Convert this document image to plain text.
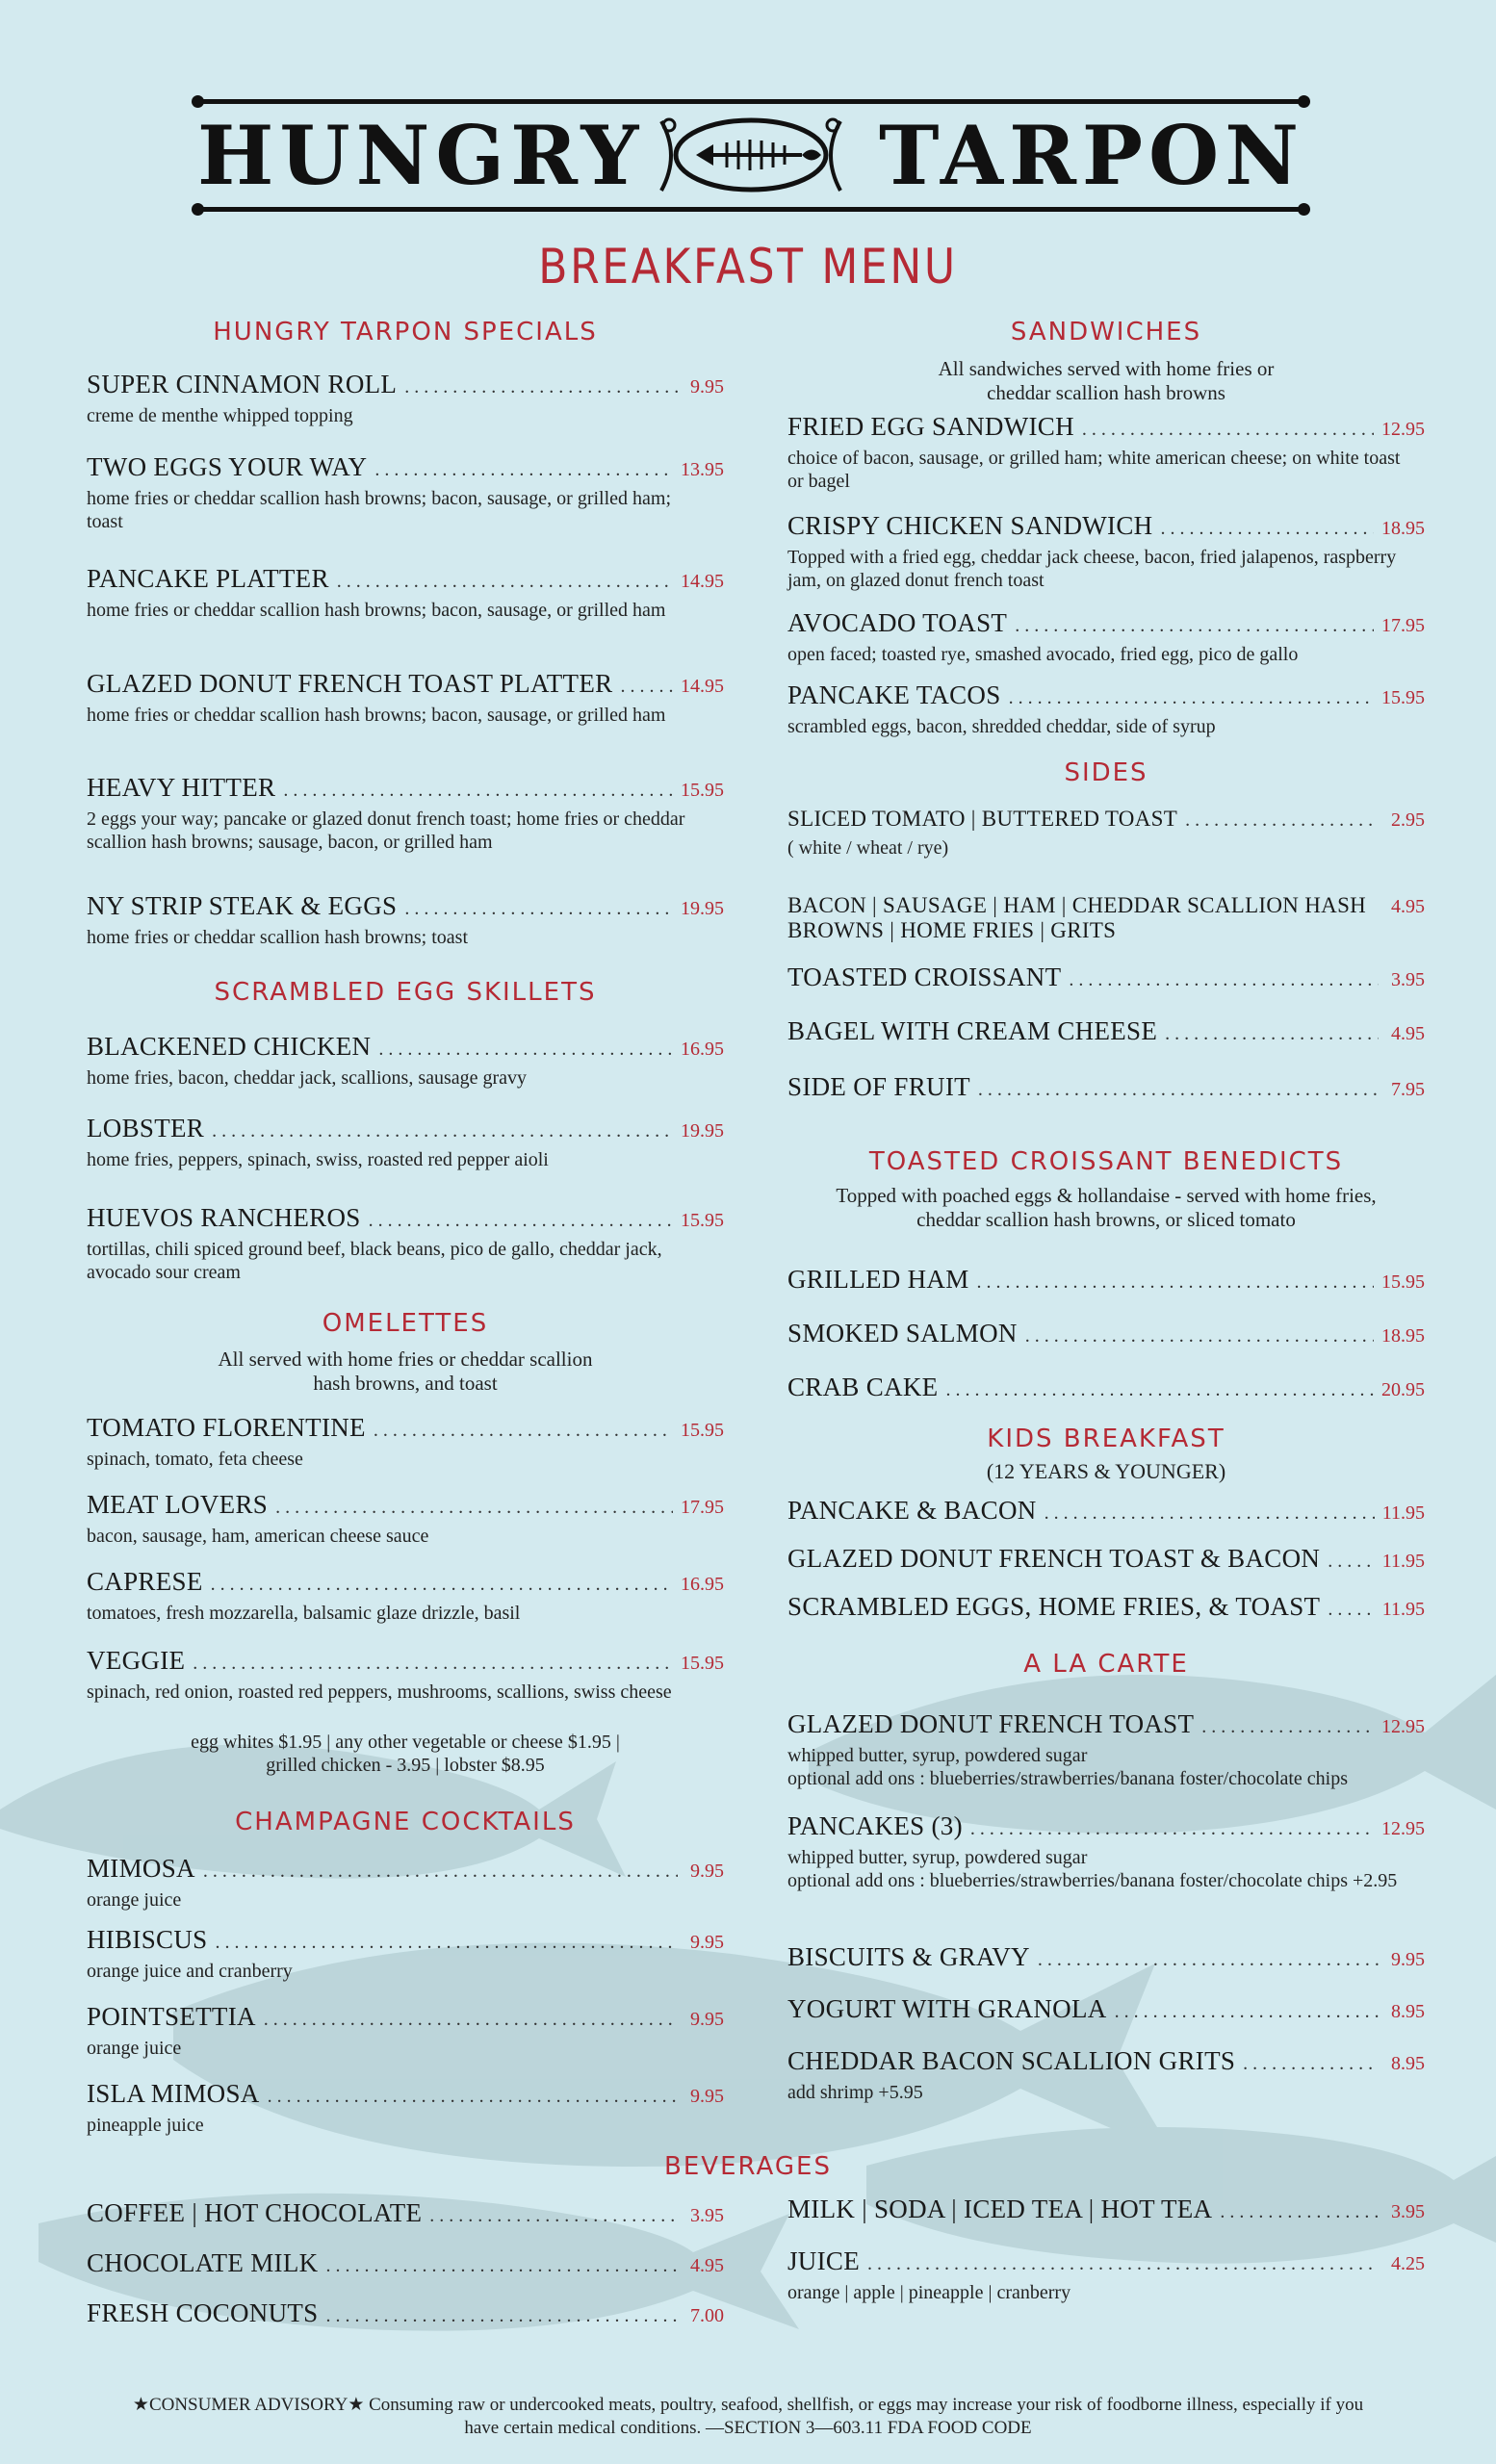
HUNGRY	TARPON
BREAKFAST MENU
HUNGRY TARPON SPECIALS
SUPER CINNAMON ROLL . . .	9.95
creme de menthe whipped topping
TWO EGGS YOUR WAY . . .	13.95
home fries or cheddar scallion hash browns; bacon, sausage, or grilled ham; toast
PANCAKE PLATTER . . .	14.95
home fries or cheddar scallion hash browns; bacon, sausage, or grilled ham
GLAZED DONUT FRENCH TOAST PLATTER . . .	14.95
home fries or cheddar scallion hash browns; bacon, sausage, or grilled ham
HEAVY HITTER . . .	15.95
2 eggs your way; pancake or glazed donut french toast; home fries or cheddar scallion hash browns; sausage, bacon, or grilled ham
NY STRIP STEAK & EGGS . . .	19.95
home fries or cheddar scallion hash browns; toast
SCRAMBLED EGG SKILLETS
BLACKENED CHICKEN . . .	16.95
home fries, bacon, cheddar jack, scallions, sausage gravy
LOBSTER . . .	19.95
home fries, peppers, spinach, swiss, roasted red pepper aioli
HUEVOS RANCHEROS . . .	15.95
tortillas, chili spiced ground beef, black beans, pico de gallo, cheddar jack, avocado sour cream
OMELETTES
All served with home fries or cheddar scallion
hash browns, and toast
TOMATO FLORENTINE . . .	15.95
spinach, tomato, feta cheese
MEAT LOVERS . . .	17.95
bacon, sausage, ham, american cheese sauce
CAPRESE . . .	16.95
tomatoes, fresh mozzarella, balsamic glaze drizzle, basil
VEGGIE . . .	15.95
spinach, red onion, roasted red peppers, mushrooms, scallions, swiss cheese
egg whites $1.95 | any other vegetable or cheese $1.95 |
grilled chicken - 3.95 | lobster $8.95
CHAMPAGNE COCKTAILS
MIMOSA . . .	9.95
orange juice
HIBISCUS . . .	9.95
orange juice and cranberry
POINTSETTIA . . .	9.95
orange juice
ISLA MIMOSA . . .	9.95
pineapple juice
COFFEE | HOT CHOCOLATE . . .	3.95
CHOCOLATE MILK . . .	4.95
FRESH COCONUTS . . .	7.00
SANDWICHES
All sandwiches served with home fries or
cheddar scallion hash browns
FRIED EGG SANDWICH . . .	12.95
choice of bacon, sausage, or grilled ham; white american cheese; on white toast or bagel
CRISPY CHICKEN SANDWICH . . .	18.95
Topped with a fried egg, cheddar jack cheese, bacon, fried jalapenos, raspberry jam, on glazed donut french toast
AVOCADO TOAST . . .	17.95
open faced; toasted rye, smashed avocado, fried egg, pico de gallo
PANCAKE TACOS . . .	15.95
scrambled eggs, bacon, shredded cheddar, side of syrup
SIDES
SLICED TOMATO | BUTTERED TOAST . . .	2.95
( white / wheat / rye)
BACON | SAUSAGE | HAM | CHEDDAR SCALLION HASH 4.95
BROWNS | HOME FRIES | GRITS
TOASTED CROISSANT . . .	3.95
BAGEL WITH CREAM CHEESE . . .	4.95
SIDE OF FRUIT . . .	7.95
TOASTED CROISSANT BENEDICTS
Topped with poached eggs & hollandaise - served with home fries,
cheddar scallion hash browns, or sliced tomato
GRILLED HAM . . .	15.95
SMOKED SALMON . . .	18.95
CRAB CAKE . . .	20.95
KIDS BREAKFAST
(12 YEARS & YOUNGER)
PANCAKE & BACON . . .	11.95
GLAZED DONUT FRENCH TOAST & BACON . . .	11.95
SCRAMBLED EGGS, HOME FRIES, & TOAST . . .	11.95
A LA CARTE
GLAZED DONUT FRENCH TOAST . . .	12.95
whipped butter, syrup, powdered sugar
optional add ons : blueberries/strawberries/banana foster/chocolate chips
PANCAKES (3) . . .	12.95
whipped butter, syrup, powdered sugar
optional add ons : blueberries/strawberries/banana foster/chocolate chips +2.95
BISCUITS & GRAVY . . .	9.95
YOGURT WITH GRANOLA . . .	8.95
CHEDDAR BACON SCALLION GRITS . . .	8.95
add shrimp +5.95
MILK | SODA | ICED TEA | HOT TEA . . .	3.95
JUICE . . .	4.25
orange | apple | pineapple | cranberry
BEVERAGES
★CONSUMER ADVISORY★ Consuming raw or undercooked meats, poultry, seafood, shellfish, or eggs may increase your risk of foodborne illness, especially if you
have certain medical conditions. —SECTION 3—603.11 FDA FOOD CODE
